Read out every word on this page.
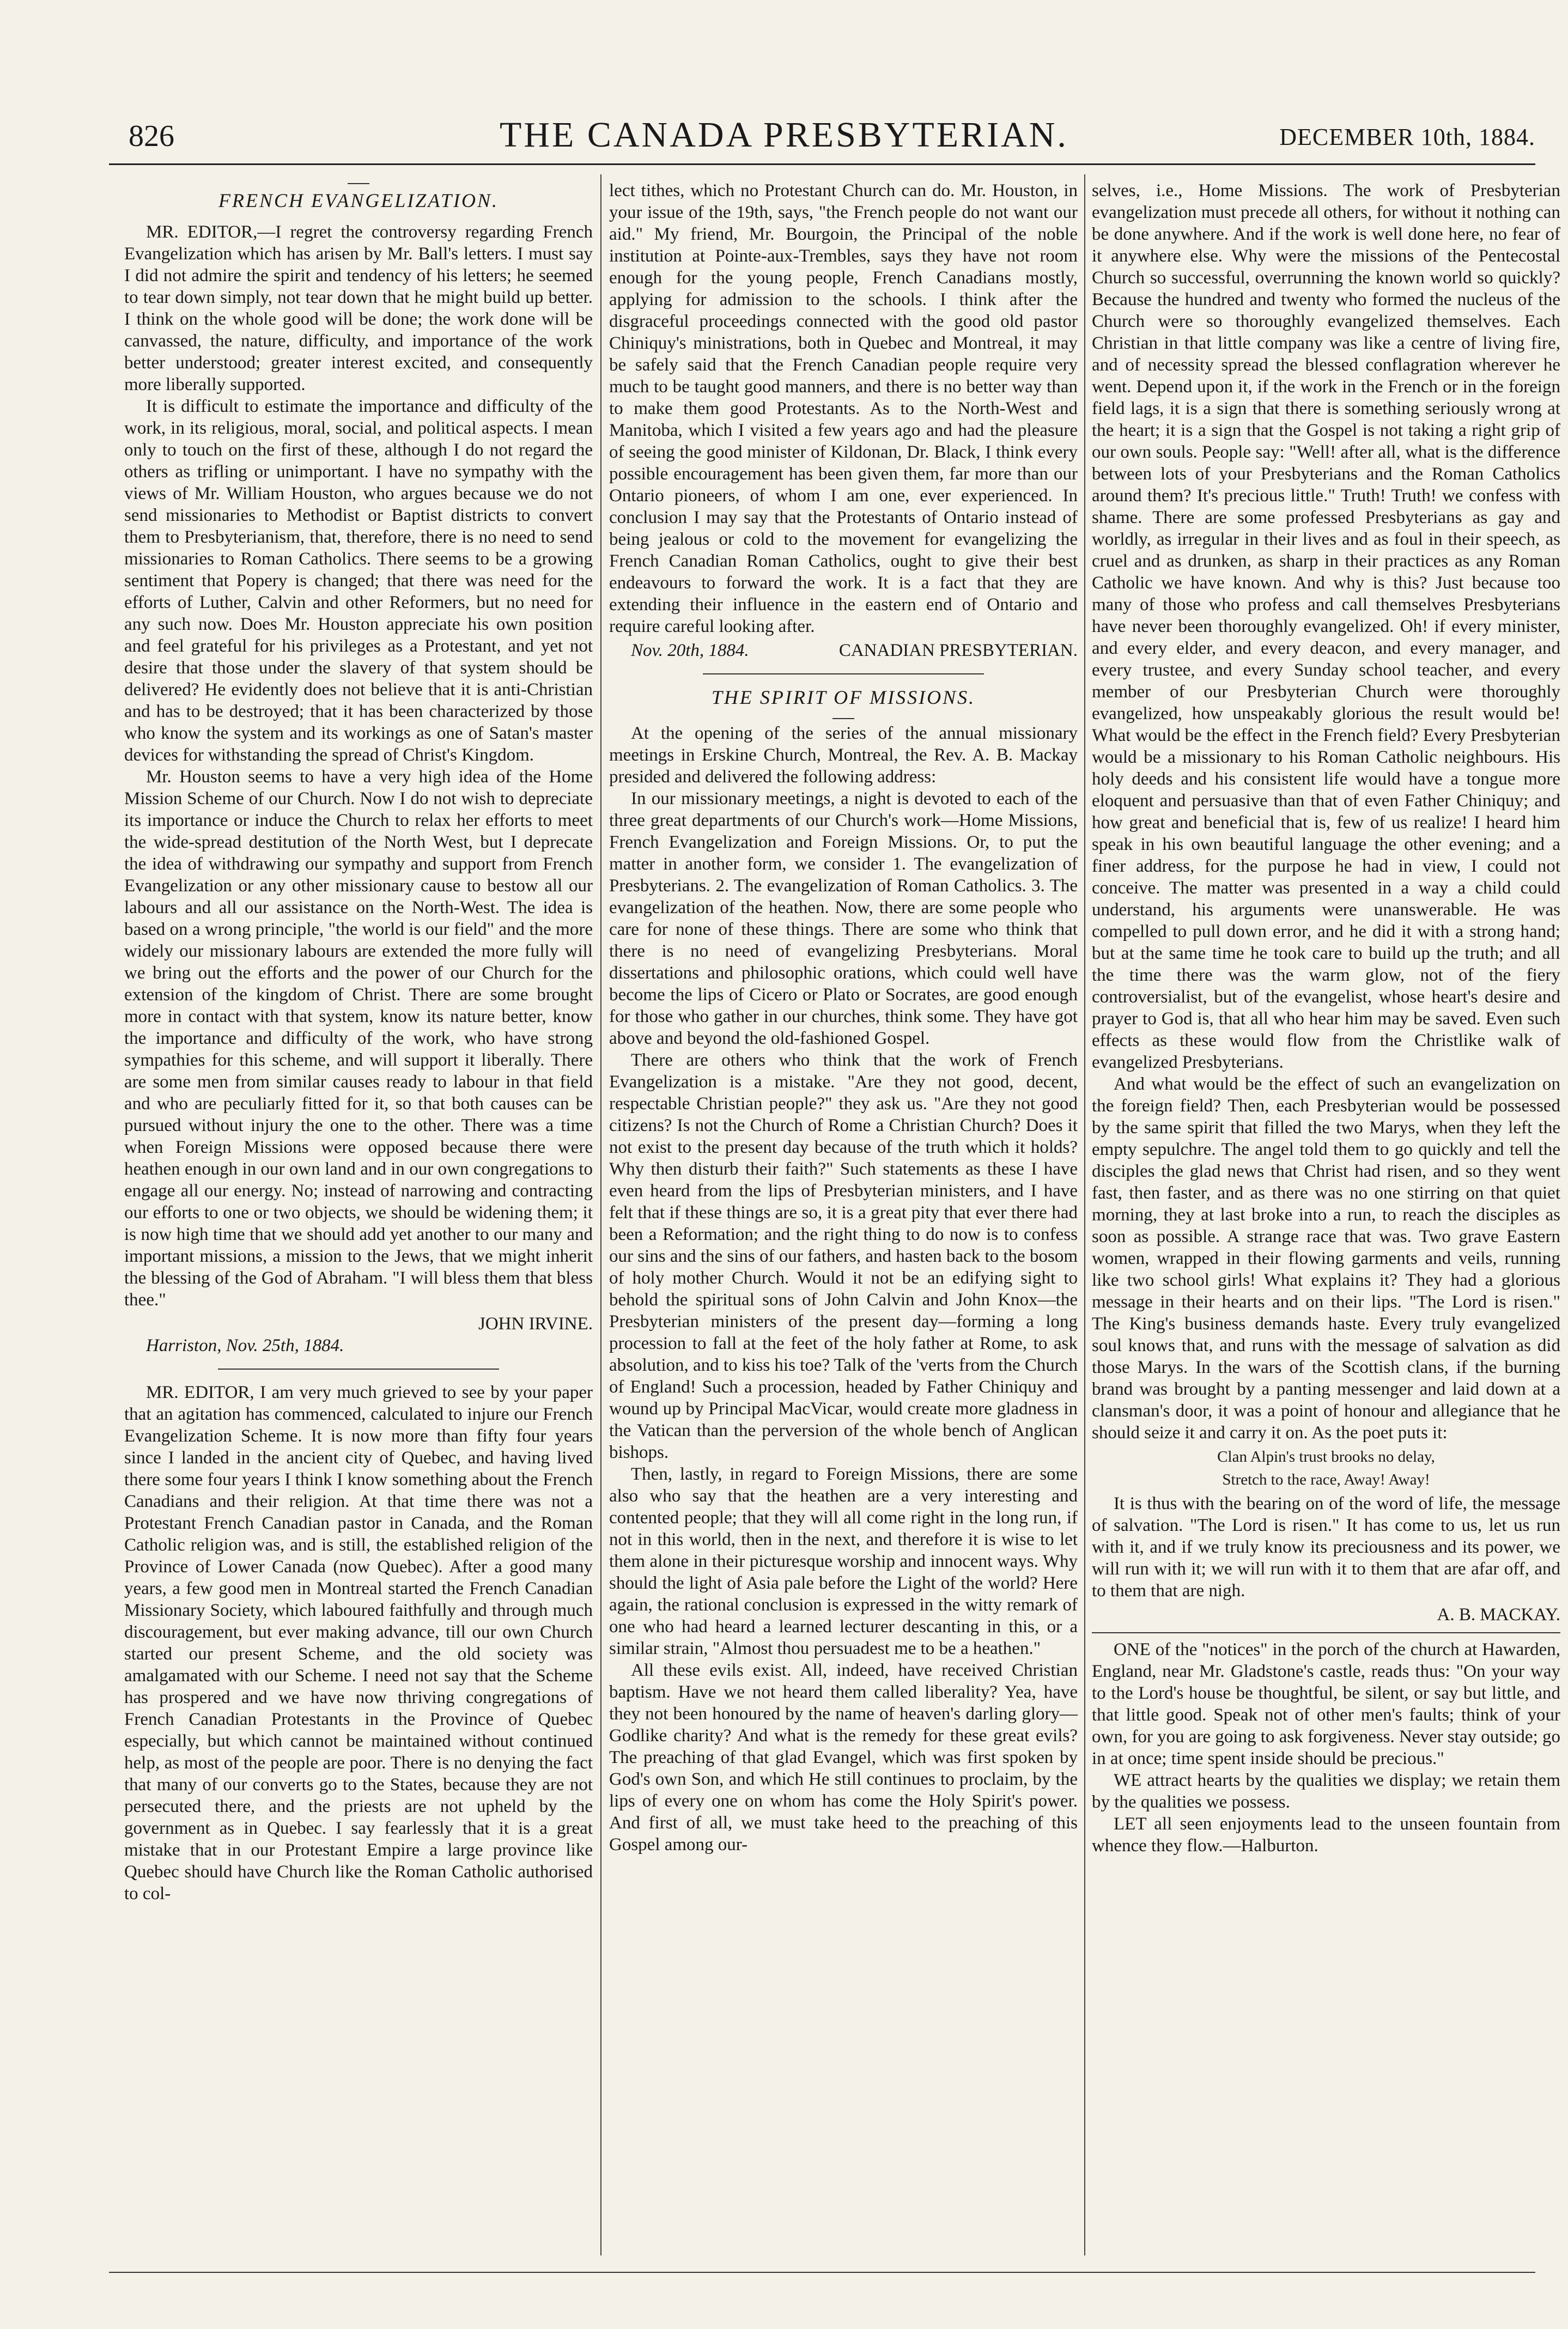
826	THE CANADA PRESBYTERIAN.	DECEMBER 10th, 1884.
FRENCH EVANGELIZATION.

MR. EDITOR,—I regret the controversy regarding French Evangelization which has arisen by Mr. Ball's letters. I must say I did not admire the spirit and tendency of his letters; he seemed to tear down simply, not tear down that he might build up better. I think on the whole good will be done; the work done will be canvassed, the nature, difficulty, and importance of the work better understood; greater interest excited, and consequently more liberally supported.

It is difficult to estimate the importance and difficulty of the work, in its religious, moral, social, and political aspects. I mean only to touch on the first of these, although I do not regard the others as trifling or unimportant. I have no sympathy with the views of Mr. William Houston, who argues because we do not send missionaries to Methodist or Baptist districts to convert them to Presbyterianism, that, therefore, there is no need to send missionaries to Roman Catholics. There seems to be a growing sentiment that Popery is changed; that there was need for the efforts of Luther, Calvin and other Reformers, but no need for any such now. Does Mr. Houston appreciate his own position and feel grateful for his privileges as a Protestant, and yet not desire that those under the slavery of that system should be delivered? He evidently does not believe that it is anti-Christian and has to be destroyed; that it has been characterized by those who know the system and its workings as one of Satan's master devices for withstanding the spread of Christ's Kingdom.

Mr. Houston seems to have a very high idea of the Home Mission Scheme of our Church. Now I do not wish to depreciate its importance or induce the Church to relax her efforts to meet the wide-spread destitution of the North West, but I deprecate the idea of withdrawing our sympathy and support from French Evangelization or any other missionary cause to bestow all our labours and all our assistance on the North-West. The idea is based on a wrong principle, "the world is our field" and the more widely our missionary labours are extended the more fully will we bring out the efforts and the power of our Church for the extension of the kingdom of Christ. There are some brought more in contact with that system, know its nature better, know the importance and difficulty of the work, who have strong sympathies for this scheme, and will support it liberally. There are some men from similar causes ready to labour in that field and who are peculiarly fitted for it, so that both causes can be pursued without injury the one to the other. There was a time when Foreign Missions were opposed because there were heathen enough in our own land and in our own congregations to engage all our energy. No; instead of narrowing and contracting our efforts to one or two objects, we should be widening them; it is now high time that we should add yet another to our many and important missions, a mission to the Jews, that we might inherit the blessing of the God of Abraham. "I will bless them that bless thee."

JOHN IRVINE.
Harriston, Nov. 25th, 1884.

MR. EDITOR, I am very much grieved to see by your paper that an agitation has commenced, calculated to injure our French Evangelization Scheme. It is now more than fifty four years since I landed in the ancient city of Quebec, and having lived there some four years I think I know something about the French Canadians and their religion. At that time there was not a Protestant French Canadian pastor in Canada, and the Roman Catholic religion was, and is still, the established religion of the Province of Lower Canada (now Quebec). After a good many years, a few good men in Montreal started the French Canadian Missionary Society, which laboured faithfully and through much discouragement, but ever making advance, till our own Church started our present Scheme, and the old society was amalgamated with our Scheme. I need not say that the Scheme has prospered and we have now thriving congregations of French Canadian Protestants in the Province of Quebec especially, but which cannot be maintained without continued help, as most of the people are poor. There is no denying the fact that many of our converts go to the States, because they are not persecuted there, and the priests are not upheld by the government as in Quebec. I say fearlessly that it is a great mistake that in our Protestant Empire a large province like Quebec should have Church like the Roman Catholic authorised to col-

lect tithes, which no Protestant Church can do. Mr. Houston, in your issue of the 19th, says, "the French people do not want our aid." My friend, Mr. Bourgoin, the Principal of the noble institution at Pointe-aux-Trembles, says they have not room enough for the young people, French Canadians mostly, applying for admission to the schools. I think after the disgraceful proceedings connected with the good old pastor Chiniquy's ministrations, both in Quebec and Montreal, it may be safely said that the French Canadian people require very much to be taught good manners, and there is no better way than to make them good Protestants. As to the North-West and Manitoba, which I visited a few years ago and had the pleasure of seeing the good minister of Kildonan, Dr. Black, I think every possible encouragement has been given them, far more than our Ontario pioneers, of whom I am one, ever experienced. In conclusion I may say that the Protestants of Ontario instead of being jealous or cold to the movement for evangelizing the French Canadian Roman Catholics, ought to give their best endeavours to forward the work. It is a fact that they are extending their influence in the eastern end of Ontario and require careful looking after.

Nov. 20th, 1884.	CANADIAN PRESBYTERIAN.
THE SPIRIT OF MISSIONS.

At the opening of the series of the annual missionary meetings in Erskine Church, Montreal, the Rev. A. B. Mackay presided and delivered the following address:

In our missionary meetings, a night is devoted to each of the three great departments of our Church's work—Home Missions, French Evangelization and Foreign Missions. Or, to put the matter in another form, we consider 1. The evangelization of Presbyterians. 2. The evangelization of Roman Catholics. 3. The evangelization of the heathen. Now, there are some people who care for none of these things. There are some who think that there is no need of evangelizing Presbyterians. Moral dissertations and philosophic orations, which could well have become the lips of Cicero or Plato or Socrates, are good enough for those who gather in our churches, think some. They have got above and beyond the old-fashioned Gospel.

There are others who think that the work of French Evangelization is a mistake. "Are they not good, decent, respectable Christian people?" they ask us. "Are they not good citizens? Is not the Church of Rome a Christian Church? Does it not exist to the present day because of the truth which it holds? Why then disturb their faith?" Such statements as these I have even heard from the lips of Presbyterian ministers, and I have felt that if these things are so, it is a great pity that ever there had been a Reformation; and the right thing to do now is to confess our sins and the sins of our fathers, and hasten back to the bosom of holy mother Church. Would it not be an edifying sight to behold the spiritual sons of John Calvin and John Knox—the Presbyterian ministers of the present day—forming a long procession to fall at the feet of the holy father at Rome, to ask absolution, and to kiss his toe? Talk of the 'verts from the Church of England! Such a procession, headed by Father Chiniquy and wound up by Principal MacVicar, would create more gladness in the Vatican than the perversion of the whole bench of Anglican bishops.

Then, lastly, in regard to Foreign Missions, there are some also who say that the heathen are a very interesting and contented people; that they will all come right in the long run, if not in this world, then in the next, and therefore it is wise to let them alone in their picturesque worship and innocent ways. Why should the light of Asia pale before the Light of the world? Here again, the rational conclusion is expressed in the witty remark of one who had heard a learned lecturer descanting in this, or a similar strain, "Almost thou persuadest me to be a heathen."

All these evils exist. All, indeed, have received Christian baptism. Have we not heard them called liberality? Yea, have they not been honoured by the name of heaven's darling glory—Godlike charity? And what is the remedy for these great evils? The preaching of that glad Evangel, which was first spoken by God's own Son, and which He still continues to proclaim, by the lips of every one on whom has come the Holy Spirit's power. And first of all, we must take heed to the preaching of this Gospel among our-

selves, i.e., Home Missions. The work of Presbyterian evangelization must precede all others, for without it nothing can be done anywhere. And if the work is well done here, no fear of it anywhere else. Why were the missions of the Pentecostal Church so successful, overrunning the known world so quickly? Because the hundred and twenty who formed the nucleus of the Church were so thoroughly evangelized themselves. Each Christian in that little company was like a centre of living fire, and of necessity spread the blessed conflagration wherever he went. Depend upon it, if the work in the French or in the foreign field lags, it is a sign that there is something seriously wrong at the heart; it is a sign that the Gospel is not taking a right grip of our own souls. People say: "Well! after all, what is the difference between lots of your Presbyterians and the Roman Catholics around them? It's precious little." Truth! Truth! we confess with shame. There are some professed Presbyterians as gay and worldly, as irregular in their lives and as foul in their speech, as cruel and as drunken, as sharp in their practices as any Roman Catholic we have known. And why is this? Just because too many of those who profess and call themselves Presbyterians have never been thoroughly evangelized. Oh! if every minister, and every elder, and every deacon, and every manager, and every trustee, and every Sunday school teacher, and every member of our Presbyterian Church were thoroughly evangelized, how unspeakably glorious the result would be! What would be the effect in the French field? Every Presbyterian would be a missionary to his Roman Catholic neighbours. His holy deeds and his consistent life would have a tongue more eloquent and persuasive than that of even Father Chiniquy; and how great and beneficial that is, few of us realize! I heard him speak in his own beautiful language the other evening; and a finer address, for the purpose he had in view, I could not conceive. The matter was presented in a way a child could understand, his arguments were unanswerable. He was compelled to pull down error, and he did it with a strong hand; but at the same time he took care to build up the truth; and all the time there was the warm glow, not of the fiery controversialist, but of the evangelist, whose heart's desire and prayer to God is, that all who hear him may be saved. Even such effects as these would flow from the Christlike walk of evangelized Presbyterians.

And what would be the effect of such an evangelization on the foreign field? Then, each Presbyterian would be possessed by the same spirit that filled the two Marys, when they left the empty sepulchre. The angel told them to go quickly and tell the disciples the glad news that Christ had risen, and so they went fast, then faster, and as there was no one stirring on that quiet morning, they at last broke into a run, to reach the disciples as soon as possible. A strange race that was. Two grave Eastern women, wrapped in their flowing garments and veils, running like two school girls! What explains it? They had a glorious message in their hearts and on their lips. "The Lord is risen." The King's business demands haste. Every truly evangelized soul knows that, and runs with the message of salvation as did those Marys. In the wars of the Scottish clans, if the burning brand was brought by a panting messenger and laid down at a clansman's door, it was a point of honour and allegiance that he should seize it and carry it on. As the poet puts it:

Clan Alpin's trust brooks no delay,
Stretch to the race, Away! Away!

It is thus with the bearing on of the word of life, the message of salvation. "The Lord is risen." It has come to us, let us run with it, and if we truly know its preciousness and its power, we will run with it; we will run with it to them that are afar off, and to them that are nigh.

A. B. MACKAY.

ONE of the "notices" in the porch of the church at Hawarden, England, near Mr. Gladstone's castle, reads thus: "On your way to the Lord's house be thoughtful, be silent, or say but little, and that little good. Speak not of other men's faults; think of your own, for you are going to ask forgiveness. Never stay outside; go in at once; time spent inside should be precious."

WE attract hearts by the qualities we display; we retain them by the qualities we possess.

LET all seen enjoyments lead to the unseen fountain from whence they flow.—Halburton.
